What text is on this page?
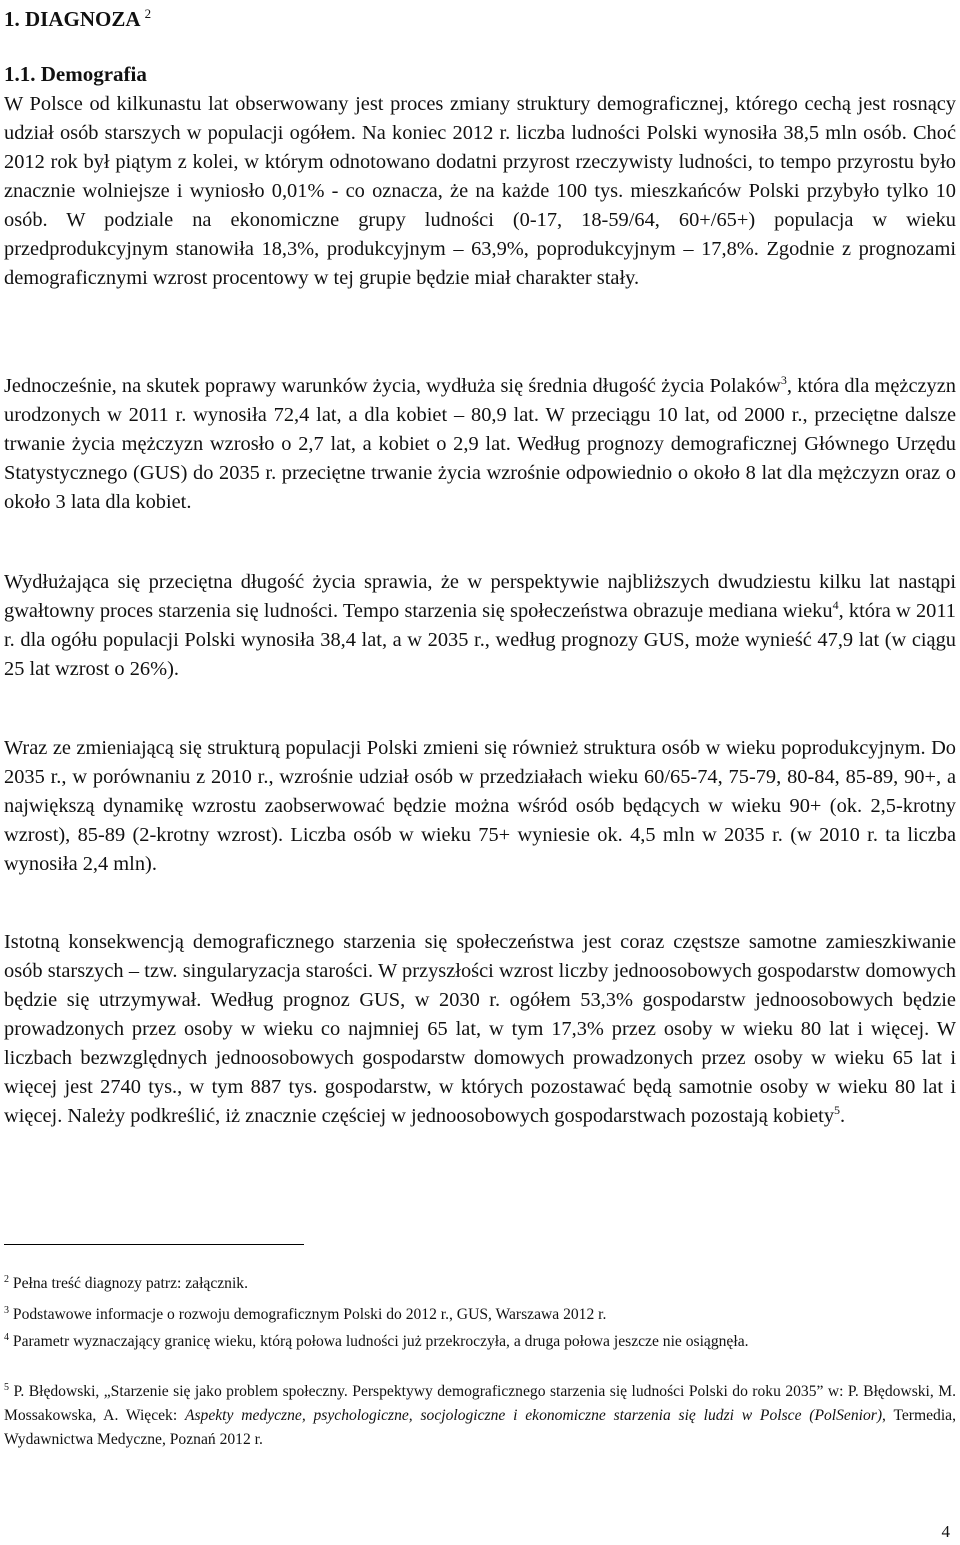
1. DIAGNOZA $^2$
1.1. Demografia

W Polsce od kilkunastu lat obserwowany jest proces zmiany struktury demograficznej, którego cechą jest rosnący udział osób starszych w populacji ogółem. Na koniec 2012 r. liczba ludności Polski wynosiła 38,5 mln osób. Choć 2012 rok był piątym z kolei, w którym odnotowano dodatni przyrost rzeczywisty ludności, to tempo przyrostu było znacznie wolniejsze i wyniosło 0,01% - co oznacza, że na każde 100 tys. mieszkańców Polski przybyło tylko 10 osób. W podziale na ekonomiczne grupy ludności (0-17, 18-59/64, 60+/65+) populacja w wieku przedprodukcyjnym stanowiła 18,3%, produkcyjnym – 63,9%, poprodukcyjnym – 17,8%. Zgodnie z prognozami demograficznymi wzrost procentowy w tej grupie będzie miał charakter stały.

Jednocześnie, na skutek poprawy warunków życia, wydłuża się średnia długość życia Polaków$^3$, która dla mężczyzn urodzonych w 2011 r. wynosiła 72,4 lat, a dla kobiet – 80,9 lat. W przeciągu 10 lat, od 2000 r., przeciętne dalsze trwanie życia mężczyzn wzrosło o 2,7 lat, a kobiet o 2,9 lat. Według prognozy demograficznej Głównego Urzędu Statystycznego (GUS) do 2035 r. przeciętne trwanie życia wzrośnie odpowiednio o około 8 lat dla mężczyzn oraz o około 3 lata dla kobiet.

Wydłużająca się przeciętna długość życia sprawia, że w perspektywie najbliższych dwudziestu kilku lat nastąpi gwałtowny proces starzenia się ludności. Tempo starzenia się społeczeństwa obrazuje mediana wieku$^4$, która w 2011 r. dla ogółu populacji Polski wynosiła 38,4 lat, a w 2035 r., według prognozy GUS, może wynieść 47,9 lat (w ciągu 25 lat wzrost o 26%).

Wraz ze zmieniającą się strukturą populacji Polski zmieni się również struktura osób w wieku poprodukcyjnym. Do 2035 r., w porównaniu z 2010 r., wzrośnie udział osób w przedziałach wieku 60/65-74, 75-79, 80-84, 85-89, 90+, a największą dynamikę wzrostu zaobserwować będzie można wśród osób będących w wieku 90+ (ok. 2,5-krotny wzrost), 85-89 (2-krotny wzrost). Liczba osób w wieku 75+ wyniesie ok. 4,5 mln w 2035 r. (w 2010 r. ta liczba wynosiła 2,4 mln).

Istotną konsekwencją demograficznego starzenia się społeczeństwa jest coraz częstsze samotne zamieszkiwanie osób starszych – tzw. singularyzacja starości. W przyszłości wzrost liczby jednoosobowych gospodarstw domowych będzie się utrzymywał. Według prognoz GUS, w 2030 r. ogółem 53,3% gospodarstw jednoosobowych będzie prowadzonych przez osoby w wieku co najmniej 65 lat, w tym 17,3% przez osoby w wieku 80 lat i więcej. W liczbach bezwzględnych jednoosobowych gospodarstw domowych prowadzonych przez osoby w wieku 65 lat i więcej jest 2740 tys., w tym 887 tys. gospodarstw, w których pozostawać będą samotnie osoby w wieku 80 lat i więcej. Należy podkreślić, iż znacznie częściej w jednoosobowych gospodarstwach pozostają kobiety$^5$.

$^2$ Pełna treść diagnozy patrz: załącznik.

$^3$ Podstawowe informacje o rozwoju demograficznym Polski do 2012 r., GUS, Warszawa 2012 r.

$^4$ Parametr wyznaczający granicę wieku, którą połowa ludności już przekroczyła, a druga połowa jeszcze nie osiągnęła.

$^5$ P. Błędowski, „Starzenie się jako problem społeczny. Perspektywy demograficznego starzenia się ludności Polski do roku 2035” w: P. Błędowski, M. Mossakowska, A. Więcek: Aspekty medyczne, psychologiczne, socjologiczne i ekonomiczne starzenia się ludzi w Polsce (PolSenior), Termedia, Wydawnictwa Medyczne, Poznań 2012 r.

4
